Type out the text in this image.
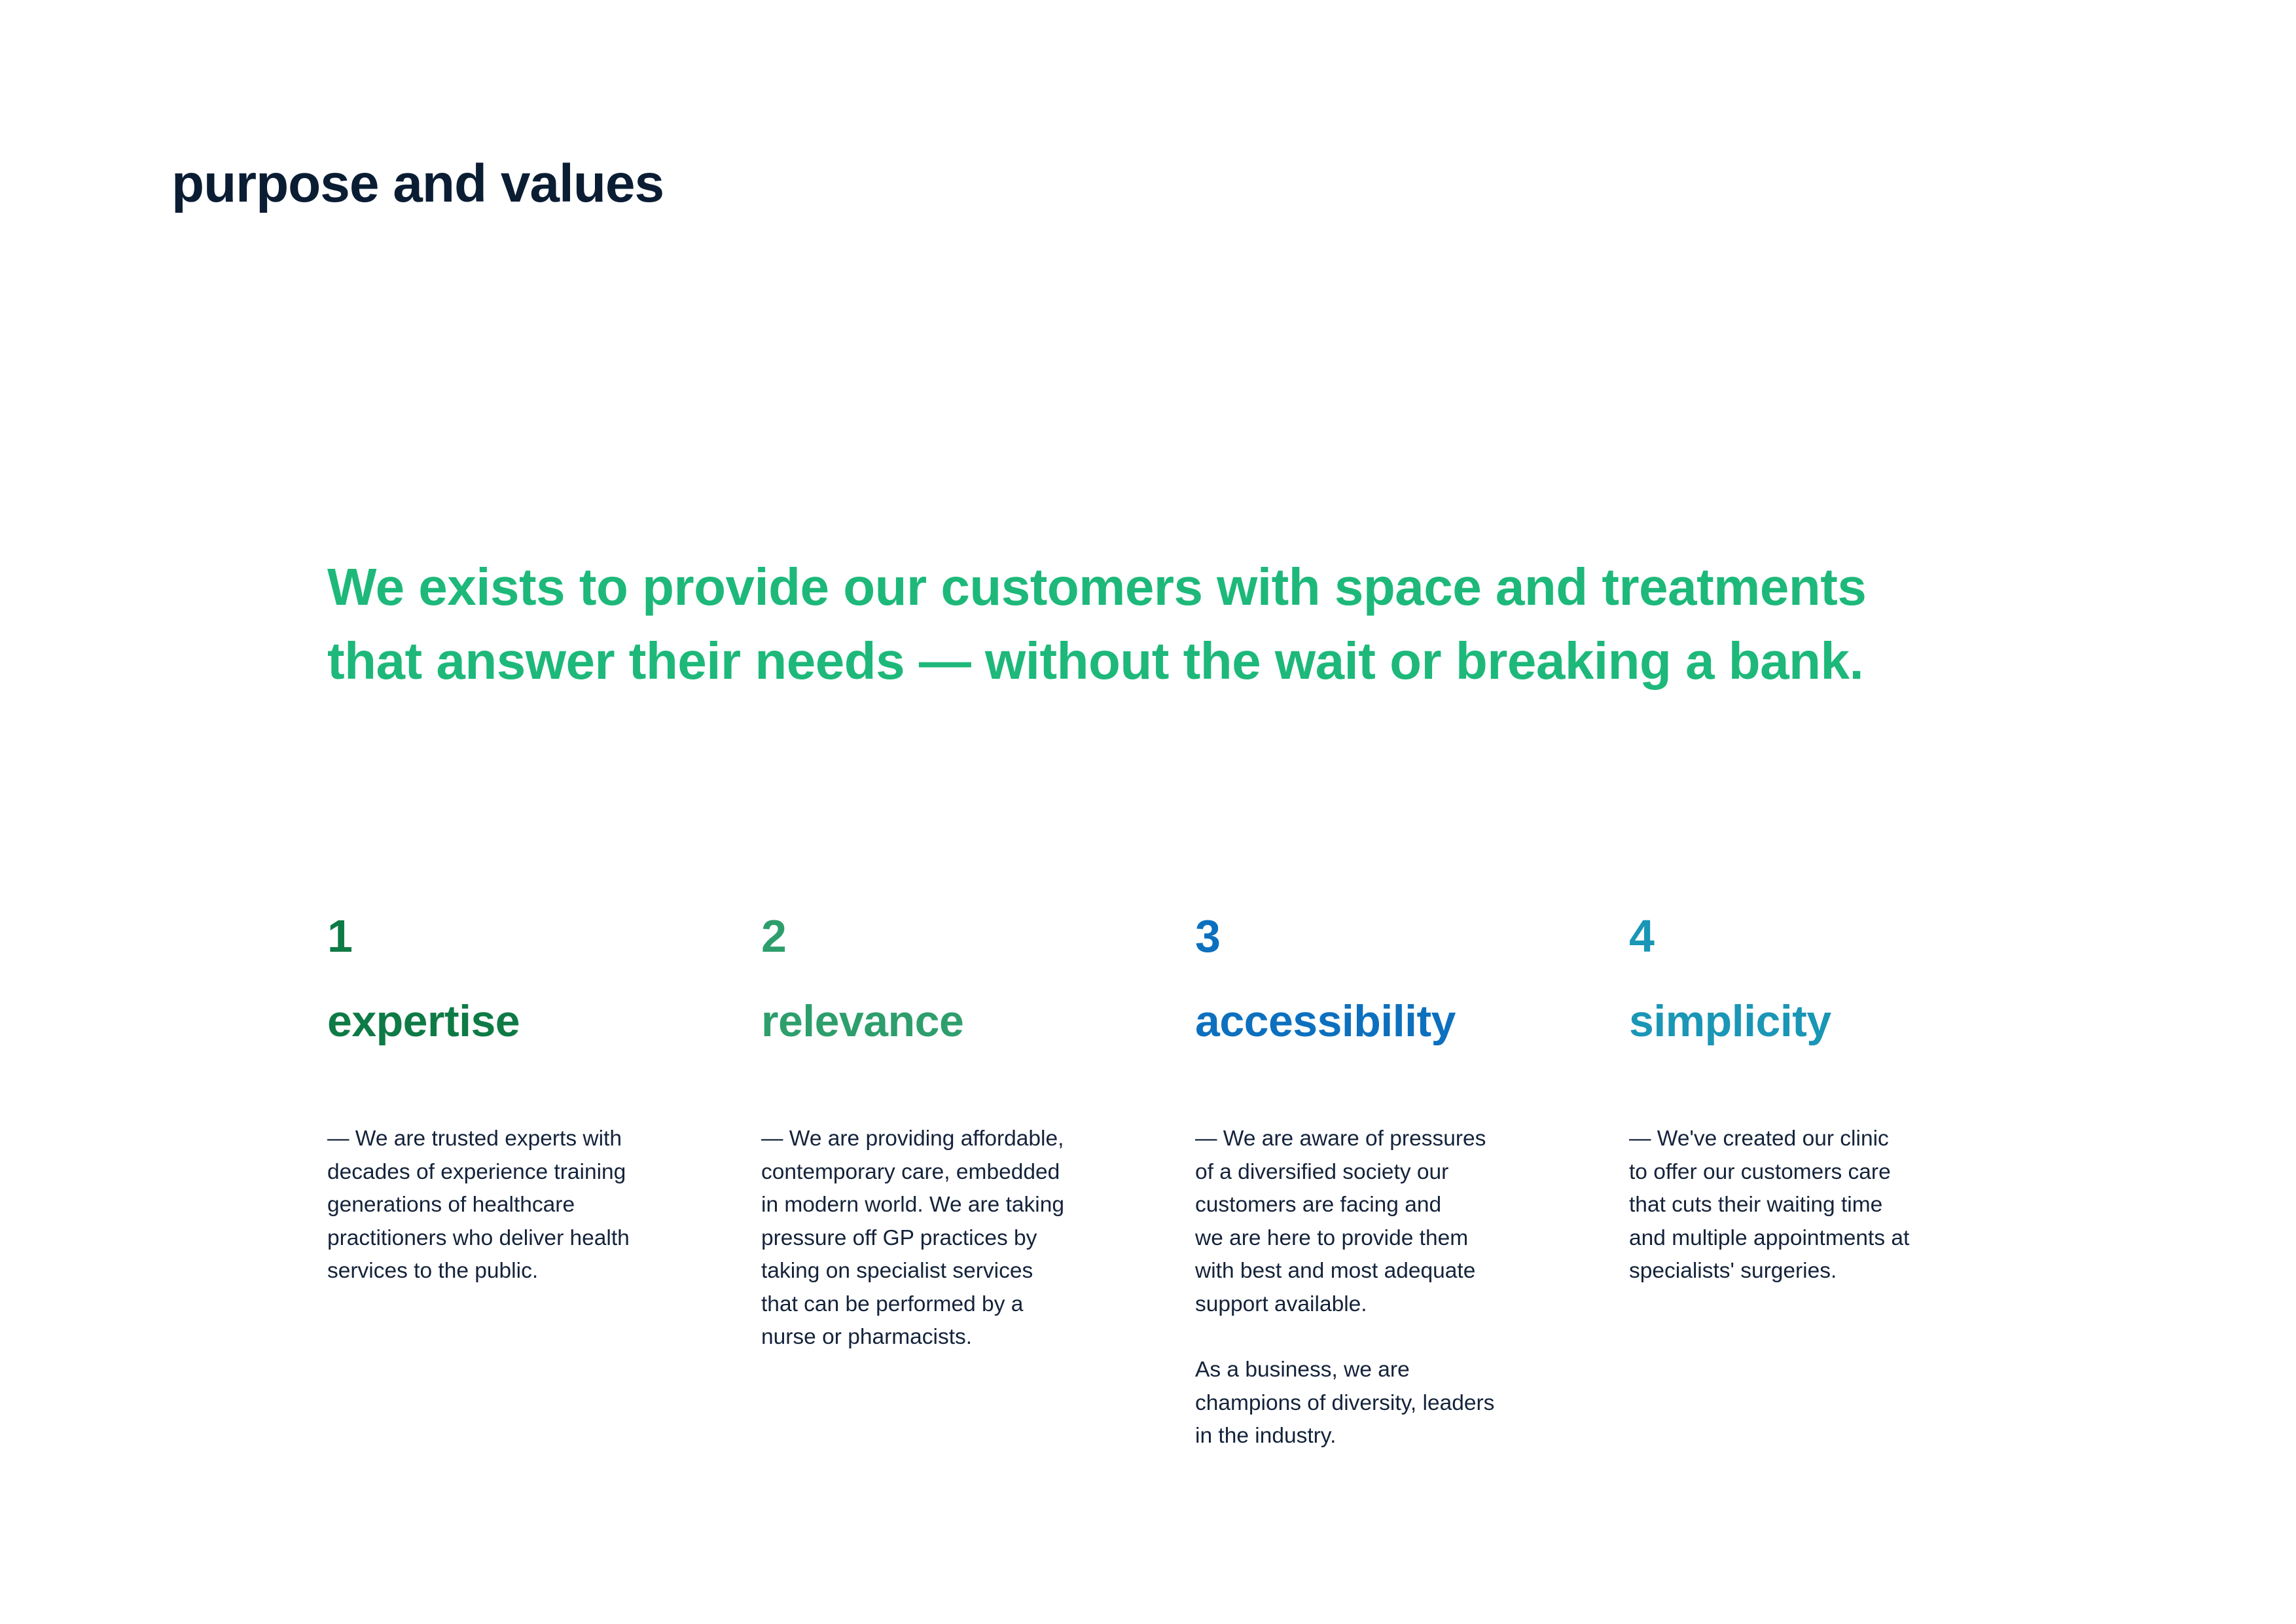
purpose and values

We exists to provide our customers with space and treatments
that answer their needs — without the wait or breaking a bank.

1
expertise
— We are trusted experts with
decades of experience training
generations of healthcare
practitioners who deliver health
services to the public.
2
relevance
— We are providing affordable,
contemporary care, embedded
in modern world. We are taking
pressure off GP practices by
taking on specialist services
that can be performed by a
nurse or pharmacists.
3
accessibility
— We are aware of pressures
of a diversified society our
customers are facing and
we are here to provide them
with best and most adequate
support available.
As a business, we are
champions of diversity, leaders
in the industry.
4
simplicity
— We've created our clinic
to offer our customers care
that cuts their waiting time
and multiple appointments at
specialists' surgeries.
